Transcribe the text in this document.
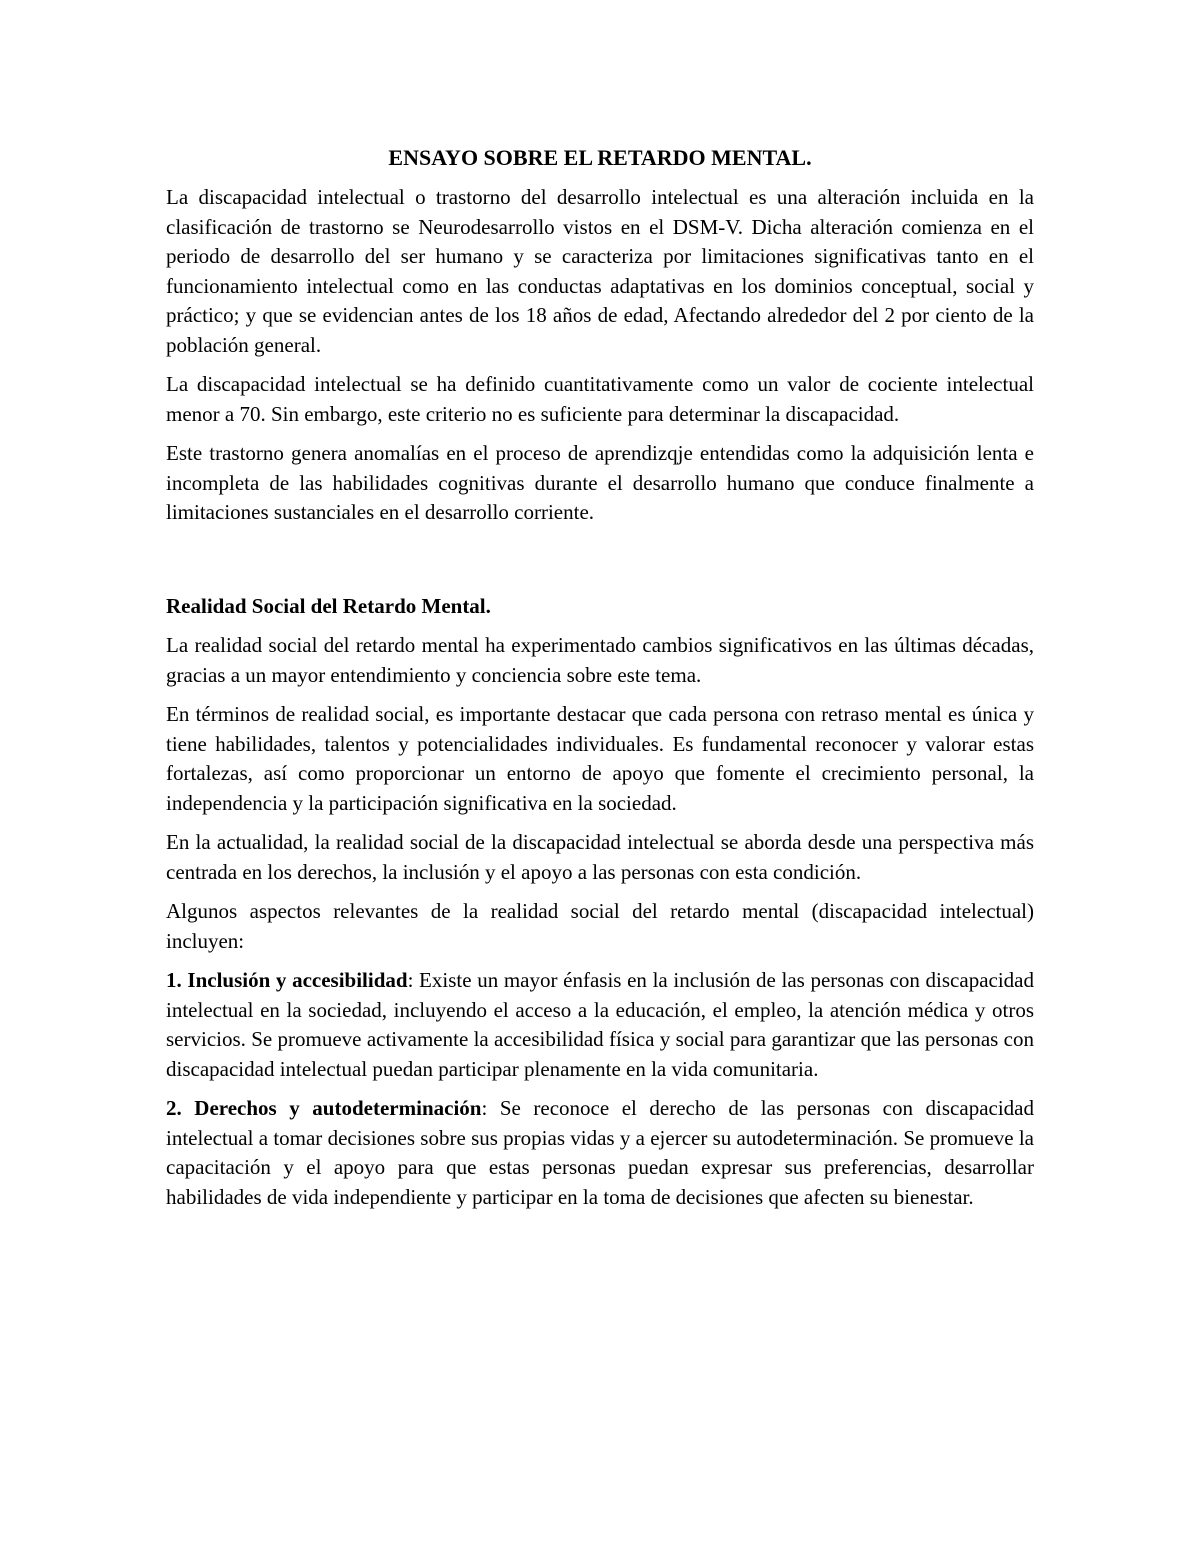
ENSAYO SOBRE EL RETARDO MENTAL.

La discapacidad intelectual o trastorno del desarrollo intelectual es una alteración incluida en la clasificación de trastorno se Neurodesarrollo vistos en el DSM-V. Dicha alteración comienza en el periodo de desarrollo del ser humano y se caracteriza por limitaciones significativas tanto en el funcionamiento intelectual como en las conductas adaptativas en los dominios conceptual, social y práctico; y que se evidencian antes de los 18 años de edad, Afectando alrededor del 2 por ciento de la población general.

La discapacidad intelectual se ha definido cuantitativamente como un valor de cociente intelectual menor a 70. Sin embargo, este criterio no es suficiente para determinar la discapacidad.

Este trastorno genera anomalías en el proceso de aprendizqje entendidas como la adquisición lenta e incompleta de las habilidades cognitivas durante el desarrollo humano que conduce finalmente a limitaciones sustanciales en el desarrollo corriente.

Realidad Social del Retardo Mental.

La realidad social del retardo mental ha experimentado cambios significativos en las últimas décadas, gracias a un mayor entendimiento y conciencia sobre este tema.

En términos de realidad social, es importante destacar que cada persona con retraso mental es única y tiene habilidades, talentos y potencialidades individuales. Es fundamental reconocer y valorar estas fortalezas, así como proporcionar un entorno de apoyo que fomente el crecimiento personal, la independencia y la participación significativa en la sociedad.

En la actualidad, la realidad social de la discapacidad intelectual se aborda desde una perspectiva más centrada en los derechos, la inclusión y el apoyo a las personas con esta condición.

Algunos aspectos relevantes de la realidad social del retardo mental (discapacidad intelectual) incluyen:

1. Inclusión y accesibilidad: Existe un mayor énfasis en la inclusión de las personas con discapacidad intelectual en la sociedad, incluyendo el acceso a la educación, el empleo, la atención médica y otros servicios. Se promueve activamente la accesibilidad física y social para garantizar que las personas con discapacidad intelectual puedan participar plenamente en la vida comunitaria.

2. Derechos y autodeterminación: Se reconoce el derecho de las personas con discapacidad intelectual a tomar decisiones sobre sus propias vidas y a ejercer su autodeterminación. Se promueve la capacitación y el apoyo para que estas personas puedan expresar sus preferencias, desarrollar habilidades de vida independiente y participar en la toma de decisiones que afecten su bienestar.
